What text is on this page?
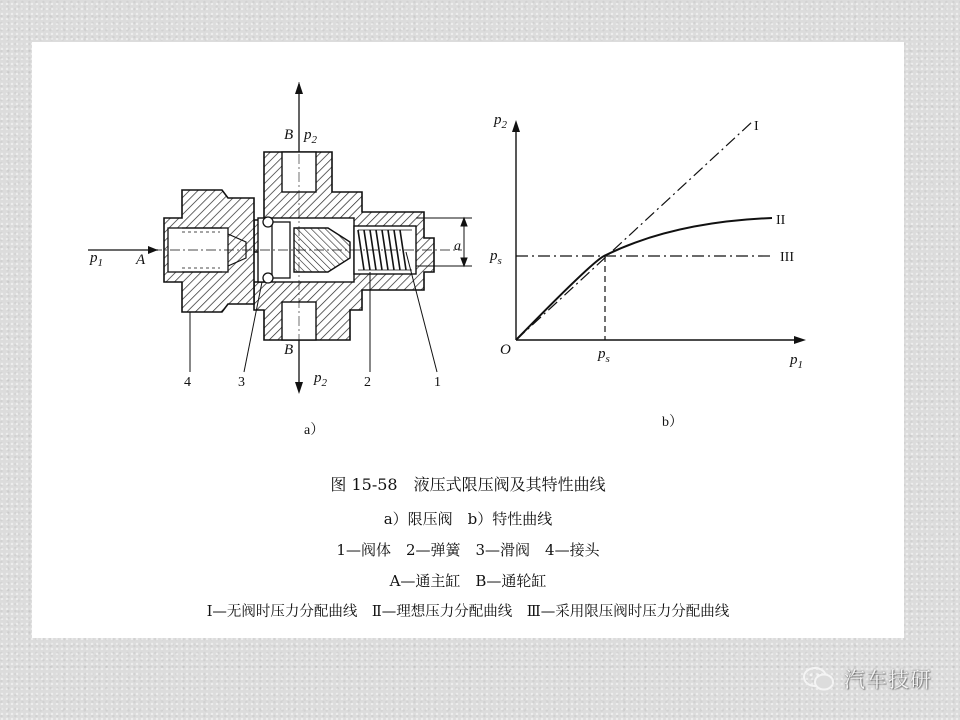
B $p_2$
B
$p_2$
$p_1$ A
a
4	3	2	1
a）
$p_2$
$p_1$
O
$p_s$
$p_s$
I
II
III
b）
图 15-58　液压式限压阀及其特性曲线
a）限压阀　b）特性曲线
1—阀体　2—弹簧　3—滑阀　4—接头
A—通主缸　B—通轮缸
Ⅰ—无阀时压力分配曲线　Ⅱ—理想压力分配曲线　Ⅲ—采用限压阀时压力分配曲线
汽车技研
